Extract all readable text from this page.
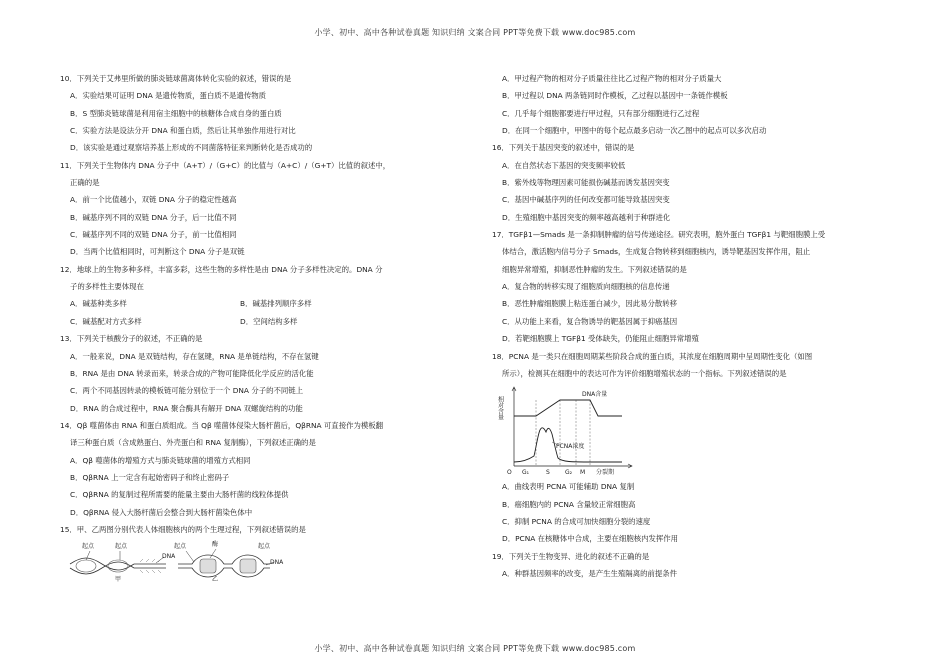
小学、初中、高中各种试卷真题 知识归纳 文案合同 PPT等免费下载 www.doc985.com
10．下列关于艾弗里所做的肺炎链球菌离体转化实验的叙述，错误的是
A．实验结果可证明 DNA 是遗传物质，蛋白质不是遗传物质
B．S 型肺炎链球菌是利用宿主细胞中的核糖体合成自身的蛋白质
C．实验方法是设法分开 DNA 和蛋白质，然后让其单独作用进行对比
D．该实验是通过观察培养基上形成的不同菌落特征来判断转化是否成功的
11．下列关于生物体内 DNA 分子中（A+T）/（G+C）的比值与（A+C）/（G+T）比值的叙述中，
正确的是
A．前一个比值越小，双链 DNA 分子的稳定性越高
B．碱基序列不同的双链 DNA 分子，后一比值不同
C．碱基序列不同的双链 DNA 分子，前一比值相同
D．当两个比值相同时，可判断这个 DNA 分子是双链
12．地球上的生物多种多样，丰富多彩，这些生物的多样性是由 DNA 分子多样性决定的。DNA 分
子的多样性主要体现在
A．碱基种类多样	B．碱基排列顺序多样
C．碱基配对方式多样	D．空间结构多样
13．下列关于核酸分子的叙述，不正确的是
A．一般来说，DNA 是双链结构，存在氢键，RNA 是单链结构，不存在氢键
B．RNA 是由 DNA 转录而来，转录合成的产物可能降低化学反应的活化能
C．两个不同基因转录的模板链可能分别位于一个 DNA 分子的不同链上
D．RNA 的合成过程中，RNA 聚合酶具有解开 DNA 双螺旋结构的功能
14．Qβ 噬菌体由 RNA 和蛋白质组成。当 Qβ 噬菌体侵染大肠杆菌后，QβRNA 可直接作为模板翻
译三种蛋白质（含成熟蛋白、外壳蛋白和 RNA 复制酶），下列叙述正确的是
A．Qβ 噬菌体的增殖方式与肺炎链球菌的增殖方式相同
B．QβRNA 上一定含有起始密码子和终止密码子
C．QβRNA 的复制过程所需要的能量主要由大肠杆菌的线粒体提供
D．QβRNA 侵入大肠杆菌后会整合到大肠杆菌染色体中
15．甲、乙两图分别代表人体细胞核内的两个生理过程，下列叙述错误的是
起点	起点
DNA
甲
起点	酶	起点
DNA
乙
A．甲过程产物的相对分子质量往往比乙过程产物的相对分子质量大
B．甲过程以 DNA 两条链同时作模板，乙过程以基因中一条链作模板
C．几乎每个细胞都要进行甲过程，只有部分细胞进行乙过程
D．在同一个细胞中，甲图中的每个起点最多启动一次乙图中的起点可以多次启动
16．下列关于基因突变的叙述中，错误的是
A．在自然状态下基因的突变频率较低
B．紫外线等物理因素可能损伤碱基而诱发基因突变
C．基因中碱基序列的任何改变都可能导致基因突变
D．生殖细胞中基因突变的频率越高越利于种群进化
17．TGFβ1—Smads 是一条抑制肿瘤的信号传递途径。研究表明，胞外蛋白 TGFβ1 与靶细胞膜上受
体结合，激活胞内信号分子 Smads，生成复合物转移到细胞核内，诱导靶基因发挥作用，阻止
细胞异常增殖，抑制恶性肿瘤的发生。下列叙述错误的是
A．复合物的转移实现了细胞质向细胞核的信息传递
B．恶性肿瘤细胞膜上粘连蛋白减少，因此易分散转移
C．从功能上来看，复合物诱导的靶基因属于抑癌基因
D．若靶细胞膜上 TGFβ1 受体缺失，仍能阻止细胞异常增殖
18．PCNA 是一类只在细胞周期某些阶段合成的蛋白质，其浓度在细胞周期中呈周期性变化（如图
所示），检测其在细胞中的表达可作为评价细胞增殖状态的一个指标。下列叙述错误的是
相对含量
DNA含量
PCNA浓度
O G₁	S	G₂ M 分裂期
A．曲线表明 PCNA 可能辅助 DNA 复制
B．癌细胞内的 PCNA 含量较正常细胞高
C．抑制 PCNA 的合成可加快细胞分裂的速度
D．PCNA 在核糖体中合成，主要在细胞核内发挥作用
19．下列关于生物变异、进化的叙述不正确的是
A．种群基因频率的改变，是产生生殖隔离的前提条件
小学、初中、高中各种试卷真题 知识归纳 文案合同 PPT等免费下载 www.doc985.com
